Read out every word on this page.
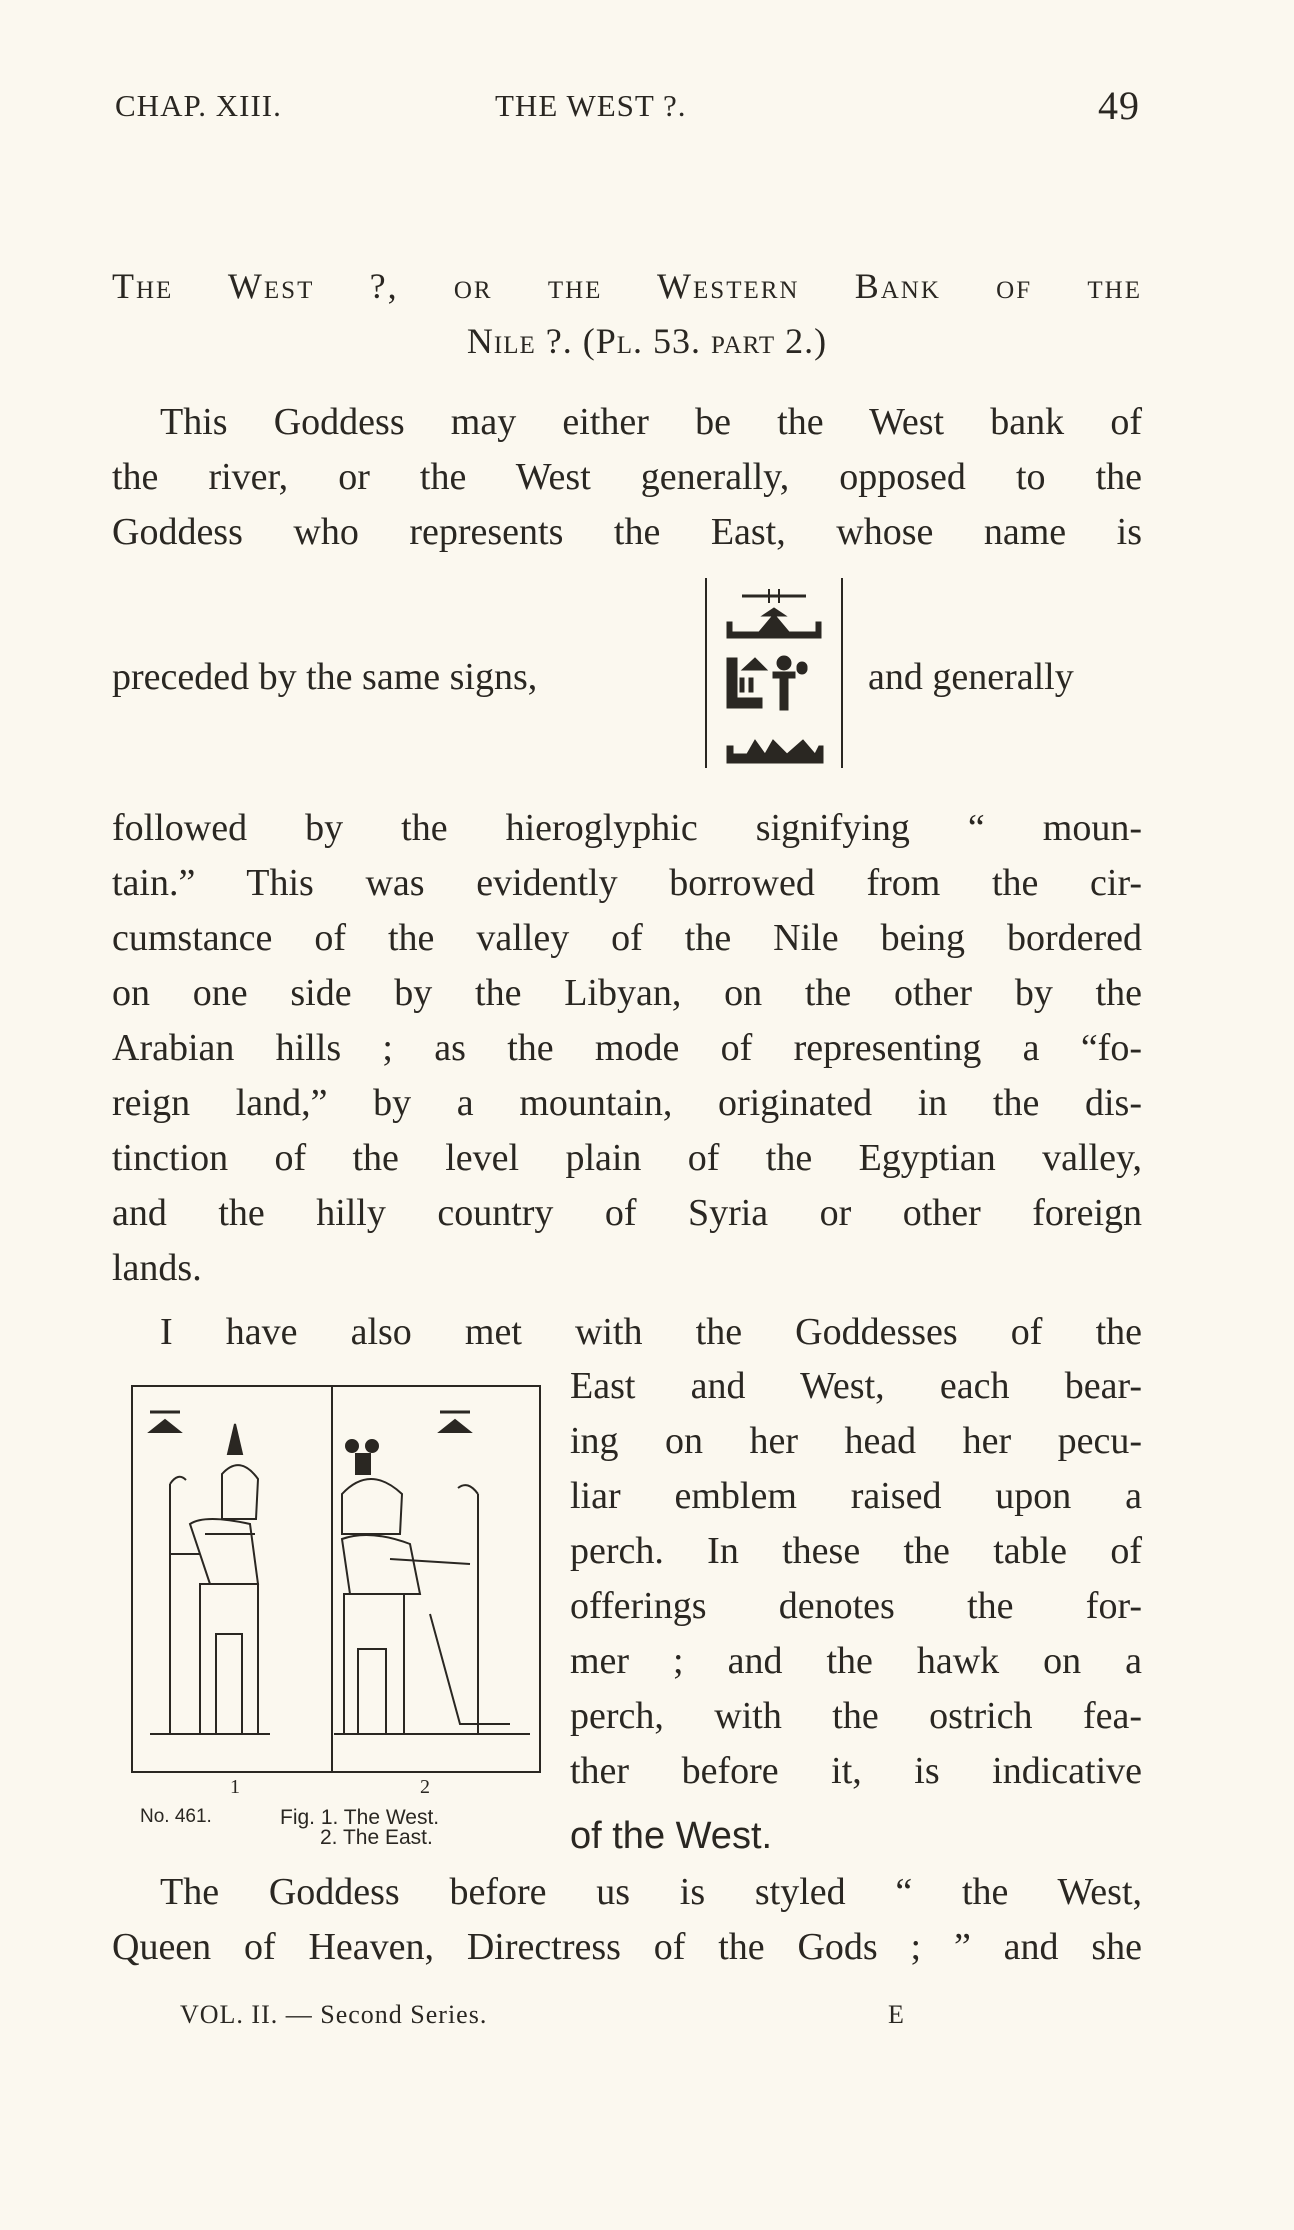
CHAP. XIII.	THE WEST ?.	49
The West ?, or the Western Bank of the
Nile ?. (Pl. 53. part 2.)
This Goddess may either be the West bank of
the river, or the West generally, opposed to the
Goddess who represents the East, whose name is
preceded by the same signs,	and generally
followed by the hieroglyphic signifying “ moun-
tain.” This was evidently borrowed from the cir-
cumstance of the valley of the Nile being bordered
on one side by the Libyan, on the other by the
Arabian hills ; as the mode of representing a “fo-
reign land,” by a mountain, originated in the dis-
tinction of the level plain of the Egyptian valley,
and the hilly country of Syria or other foreign
lands.
I have also met with the Goddesses of the
1	2
No. 461.	Fig. 1. The West.
2. The East.
East and West, each bear-
ing on her head her pecu-
liar emblem raised upon a
perch. In these the table of
offerings denotes the for-
mer ; and the hawk on a
perch, with the ostrich fea-
ther before it, is indicative
of the West.
The Goddess before us is styled “ the West,
Queen of Heaven, Directress of the Gods ; ” and she
VOL. II. — Second Series.	E
